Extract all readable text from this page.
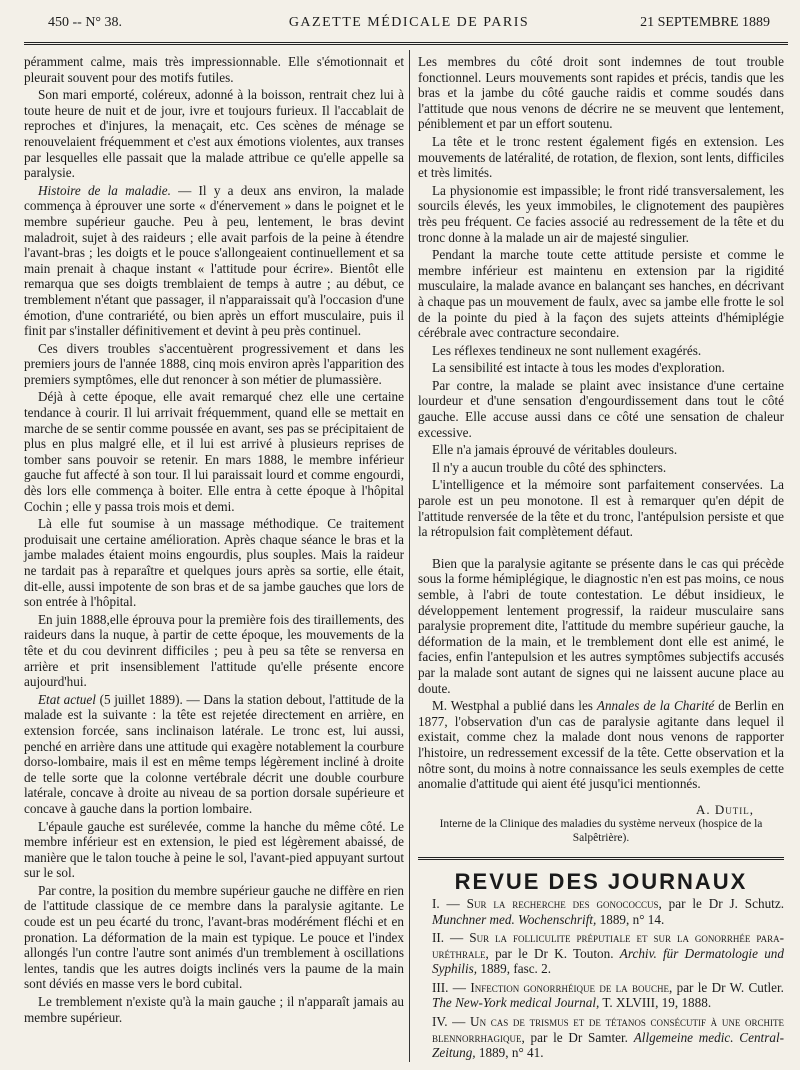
450 -- N° 38.	GAZETTE MÉDICALE DE PARIS	21 SEPTEMBRE 1889

péramment calme, mais très impressionnable. Elle s'émotionnait et pleurait souvent pour des motifs futiles.

Son mari emporté, coléreux, adonné à la boisson, rentrait chez lui à toute heure de nuit et de jour, ivre et toujours furieux. Il l'accablait de reproches et d'injures, la menaçait, etc. Ces scènes de ménage se renouvelaient fréquemment et c'est aux émotions violentes, aux transes par lesquelles elle passait que la malade attribue ce qu'elle appelle sa paralysie.

Histoire de la maladie. — Il y a deux ans environ, la malade commença à éprouver une sorte « d'énervement » dans le poignet et le membre supérieur gauche. Peu à peu, lentement, le bras devint maladroit, sujet à des raideurs ; elle avait parfois de la peine à étendre l'avant-bras ; les doigts et le pouce s'allongeaient continuellement et sa main prenait à chaque instant « l'attitude pour écrire». Bientôt elle remarqua que ses doigts tremblaient de temps à autre ; au début, ce tremblement n'étant que passager, il n'apparaissait qu'à l'occasion d'une émotion, d'une contrariété, ou bien après un effort musculaire, puis il finit par s'installer définitivement et devint à peu près continuel.

Ces divers troubles s'accentuèrent progressivement et dans les premiers jours de l'année 1888, cinq mois environ après l'apparition des premiers symptômes, elle dut renoncer à son métier de plumassière.

Déjà à cette époque, elle avait remarqué chez elle une certaine tendance à courir. Il lui arrivait fréquemment, quand elle se mettait en marche de se sentir comme poussée en avant, ses pas se précipitaient de plus en plus malgré elle, et il lui est arrivé à plusieurs reprises de tomber sans pouvoir se retenir. En mars 1888, le membre inférieur gauche fut affecté à son tour. Il lui paraissait lourd et comme engourdi, dès lors elle commença à boiter. Elle entra à cette époque à l'hôpital Cochin ; elle y passa trois mois et demi.

Là elle fut soumise à un massage méthodique. Ce traitement produisait une certaine amélioration. Après chaque séance le bras et la jambe malades étaient moins engourdis, plus souples. Mais la raideur ne tardait pas à reparaître et quelques jours après sa sortie, elle était, dit-elle, aussi impotente de son bras et de sa jambe gauches que lors de son entrée à l'hôpital.

En juin 1888,elle éprouva pour la première fois des tiraillements, des raideurs dans la nuque, à partir de cette époque, les mouvements de la tête et du cou devinrent difficiles ; peu à peu sa tête se renversa en arrière et prit insensiblement l'attitude qu'elle présente encore aujourd'hui.

Etat actuel (5 juillet 1889). — Dans la station debout, l'attitude de la malade est la suivante : la tête est rejetée directement en arrière, en extension forcée, sans inclinaison latérale. Le tronc est, lui aussi, penché en arrière dans une attitude qui exagère notablement la courbure dorso-lombaire, mais il est en même temps légèrement incliné à droite de telle sorte que la colonne vertébrale décrit une double courbure latérale, concave à droite au niveau de sa portion dorsale supérieure et concave à gauche dans la portion lombaire.

L'épaule gauche est surélevée, comme la hanche du même côté. Le membre inférieur est en extension, le pied est légèrement abaissé, de manière que le talon touche à peine le sol, l'avant-pied appuyant surtout sur le sol.

Par contre, la position du membre supérieur gauche ne diffère en rien de l'attitude classique de ce membre dans la paralysie agitante. Le coude est un peu écarté du tronc, l'avant-bras modérément fléchi et en pronation. La déformation de la main est typique. Le pouce et l'index allongés l'un contre l'autre sont animés d'un tremblement à oscillations lentes, tandis que les autres doigts inclinés vers la paume de la main sont déviés en masse vers le bord cubital.

Le tremblement n'existe qu'à la main gauche ; il n'apparaît jamais au membre supérieur.

Les membres du côté droit sont indemnes de tout trouble fonctionnel. Leurs mouvements sont rapides et précis, tandis que les bras et la jambe du côté gauche raidis et comme soudés dans l'attitude que nous venons de décrire ne se meuvent que lentement, péniblement et par un effort soutenu.

La tête et le tronc restent également figés en extension. Les mouvements de latéralité, de rotation, de flexion, sont lents, difficiles et très limités.

La physionomie est impassible; le front ridé transversalement, les sourcils élevés, les yeux immobiles, le clignotement des paupières très peu fréquent. Ce facies associé au redressement de la tête et du tronc donne à la malade un air de majesté singulier.

Pendant la marche toute cette attitude persiste et comme le membre inférieur est maintenu en extension par la rigidité musculaire, la malade avance en balançant ses hanches, en décrivant à chaque pas un mouvement de faulx, avec sa jambe elle frotte le sol de la pointe du pied à la façon des sujets atteints d'hémiplégie cérébrale avec contracture secondaire.

Les réflexes tendineux ne sont nullement exagérés.

La sensibilité est intacte à tous les modes d'exploration.

Par contre, la malade se plaint avec insistance d'une certaine lourdeur et d'une sensation d'engourdissement dans tout le côté gauche. Elle accuse aussi dans ce côté une sensation de chaleur excessive.

Elle n'a jamais éprouvé de véritables douleurs.

Il n'y a aucun trouble du côté des sphincters.

L'intelligence et la mémoire sont parfaitement conservées. La parole est un peu monotone. Il est à remarquer qu'en dépit de l'attitude renversée de la tête et du tronc, l'antépulsion persiste et que la rétropulsion fait complètement défaut.

Bien que la paralysie agitante se présente dans le cas qui précède sous la forme hémiplégique, le diagnostic n'en est pas moins, ce nous semble, à l'abri de toute contestation. Le début insidieux, le développement lentement progressif, la raideur musculaire sans paralysie proprement dite, l'attitude du membre supérieur gauche, la déformation de la main, et le tremblement dont elle est animé, le facies, enfin l'antepulsion et les autres symptômes subjectifs accusés par la malade sont autant de signes qui ne laissent aucune place au doute.

M. Westphal a publié dans les Annales de la Charité de Berlin en 1877, l'observation d'un cas de paralysie agitante dans lequel il existait, comme chez la malade dont nous venons de rapporter l'histoire, un redressement excessif de la tête. Cette observation et la nôtre sont, du moins à notre connaissance les seuls exemples de cette anomalie d'attitude qui aient été jusqu'ici mentionnés.

A. Dutil,
Interne de la Clinique des maladies du système nerveux (hospice de la Salpêtrière).
REVUE DES JOURNAUX

I. — Sur la recherche des gonococcus, par le Dr J. Schutz. Munchner med. Wochenschrift, 1889, n° 14.

II. — Sur la folliculite préputiale et sur la gonorrhée para-uréthrale, par le Dr K. Touton. Archiv. für Dermatologie und Syphilis, 1889, fasc. 2.

III. — Infection gonorrhéique de la bouche, par le Dr W. Cutler. The New-York medical Journal, T. XLVIII, 19, 1888.

IV. — Un cas de trismus et de tétanos consécutif à une orchite blennorrhagique, par le Dr Samter. Allgemeine medic. Central-Zeitung, 1889, n° 41.
